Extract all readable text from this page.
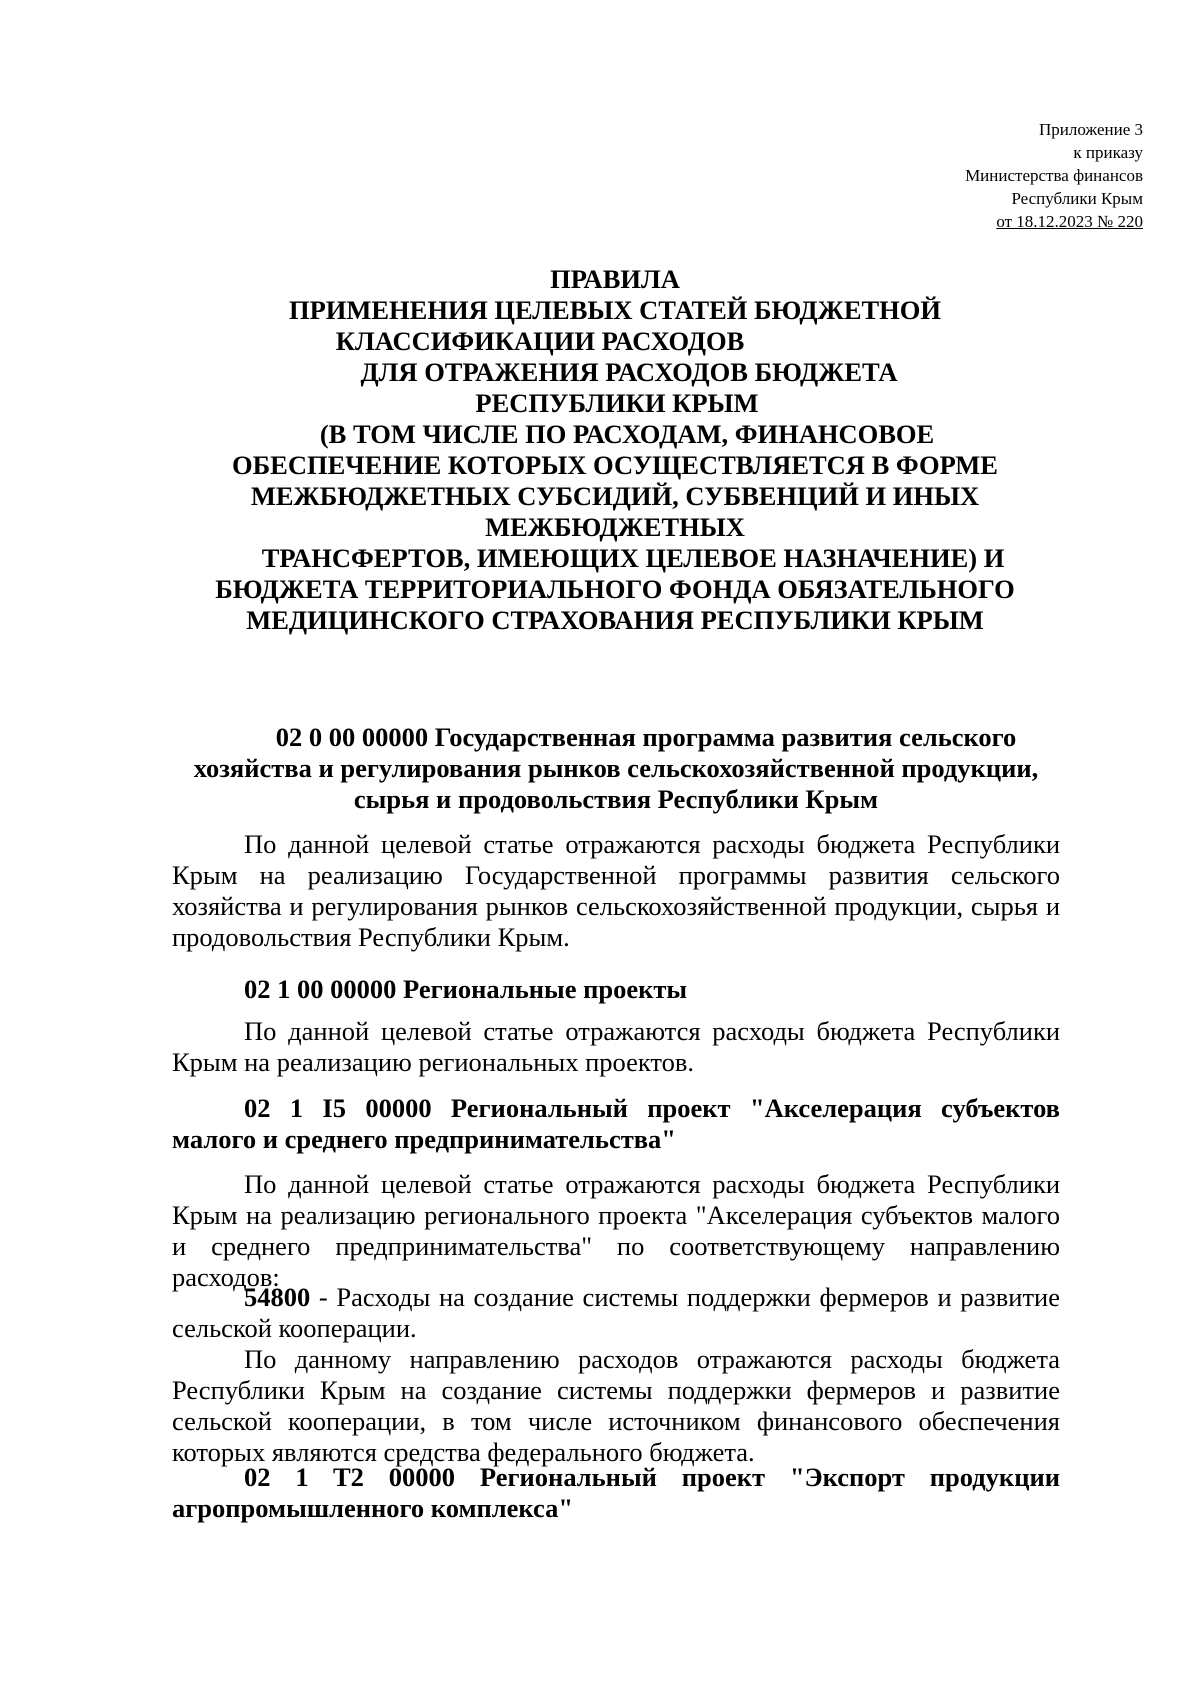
Приложение 3
к приказу
Министерства финансов
Республики Крым
от 18.12.2023 № 220
ПРАВИЛА
ПРИМЕНЕНИЯ ЦЕЛЕВЫХ СТАТЕЙ БЮДЖЕТНОЙ
КЛАССИФИКАЦИИ РАСХОДОВ
ДЛЯ ОТРАЖЕНИЯ РАСХОДОВ БЮДЖЕТА
РЕСПУБЛИКИ КРЫМ
(В ТОМ ЧИСЛЕ ПО РАСХОДАМ, ФИНАНСОВОЕ
ОБЕСПЕЧЕНИЕ КОТОРЫХ ОСУЩЕСТВЛЯЕТСЯ В ФОРМЕ
МЕЖБЮДЖЕТНЫХ СУБСИДИЙ, СУБВЕНЦИЙ И ИНЫХ
МЕЖБЮДЖЕТНЫХ
ТРАНСФЕРТОВ, ИМЕЮЩИХ ЦЕЛЕВОЕ НАЗНАЧЕНИЕ) И
БЮДЖЕТА ТЕРРИТОРИАЛЬНОГО ФОНДА ОБЯЗАТЕЛЬНОГО
МЕДИЦИНСКОГО СТРАХОВАНИЯ РЕСПУБЛИКИ КРЫМ
02 0 00 00000 Государственная программа развития сельского
хозяйства и регулирования рынков сельскохозяйственной продукции,
сырья и продовольствия Республики Крым
По данной целевой статье отражаются расходы бюджета Республики Крым на реализацию Государственной программы развития сельского хозяйства и регулирования рынков сельскохозяйственной продукции, сырья и продовольствия Республики Крым.
02 1 00 00000 Региональные проекты
По данной целевой статье отражаются расходы бюджета Республики Крым на реализацию региональных проектов.
02 1 I5 00000 Региональный проект "Акселерация субъектов малого и среднего предпринимательства"
По данной целевой статье отражаются расходы бюджета Республики Крым на реализацию регионального проекта "Акселерация субъектов малого и среднего предпринимательства" по соответствующему направлению расходов:
54800 - Расходы на создание системы поддержки фермеров и развитие сельской кооперации.
По данному направлению расходов отражаются расходы бюджета Республики Крым на создание системы поддержки фермеров и развитие сельской кооперации, в том числе источником финансового обеспечения которых являются средства федерального бюджета.
02 1 T2 00000 Региональный проект "Экспорт продукции агропромышленного комплекса"
